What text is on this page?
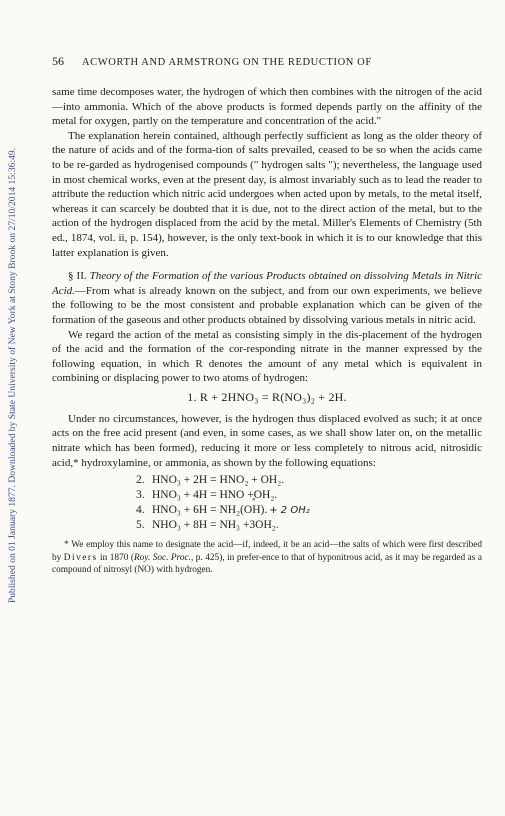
Published on 01 January 1877. Downloaded by State University of New York at Stony Brook on 27/10/2014 15:36:49.
56 ACWORTH AND ARMSTRONG ON THE REDUCTION OF

same time decomposes water, the hydrogen of which then combines with the nitrogen of the acid—into ammonia. Which of the above products is formed depends partly on the affinity of the metal for oxygen, partly on the temperature and concentration of the acid."

The explanation herein contained, although perfectly sufficient as long as the older theory of the nature of acids and of the forma-tion of salts prevailed, ceased to be so when the acids came to be re-garded as hydrogenised compounds (" hydrogen salts "); nevertheless, the language used in most chemical works, even at the present day, is almost invariably such as to lead the reader to attribute the reduction which nitric acid undergoes when acted upon by metals, to the metal itself, whereas it can scarcely be doubted that it is due, not to the direct action of the metal, but to the action of the hydrogen displaced from the acid by the metal. Miller's Elements of Chemistry (5th ed., 1874, vol. ii, p. 154), however, is the only text-book in which it is to our knowledge that this latter explanation is given.

§ II. Theory of the Formation of the various Products obtained on dissolving Metals in Nitric Acid.—From what is already known on the subject, and from our own experiments, we believe the following to be the most consistent and probable explanation which can be given of the formation of the gaseous and other products obtained by dissolving various metals in nitric acid.

We regard the action of the metal as consisting simply in the dis-placement of the hydrogen of the acid and the formation of the cor-responding nitrate in the manner expressed by the following equation, in which R denotes the amount of any metal which is equivalent in combining or displacing power to two atoms of hydrogen:

1. R + 2HNO₃ = R(NO₃)₂ + 2H.

Under no circumstances, however, is the hydrogen thus displaced evolved as such; it at once acts on the free acid present (and even, in some cases, as we shall show later on, on the metallic nitrate which has been formed), reducing it more or less completely to nitrous acid, nitrosidic acid,* hydroxylamine, or ammonia, as shown by the following equations:

2. HNO₃ + 2H = HNO₂ + OH₂.
3. HNO₃ + 4H = HNO +̥OH₂.
4. HNO₃ + 6H = NH₂(OH). + 2 OH₂
5. NHO₃ + 8H = NH₃ +3OH₂.

* We employ this name to designate the acid—if, indeed, it be an acid—the salts of which were first described by Divers in 1870 (Roy. Soc. Proc., p. 425), in prefer-ence to that of hyponitrous acid, as it may be regarded as a compound of nitrosyl (NO) with hydrogen.
